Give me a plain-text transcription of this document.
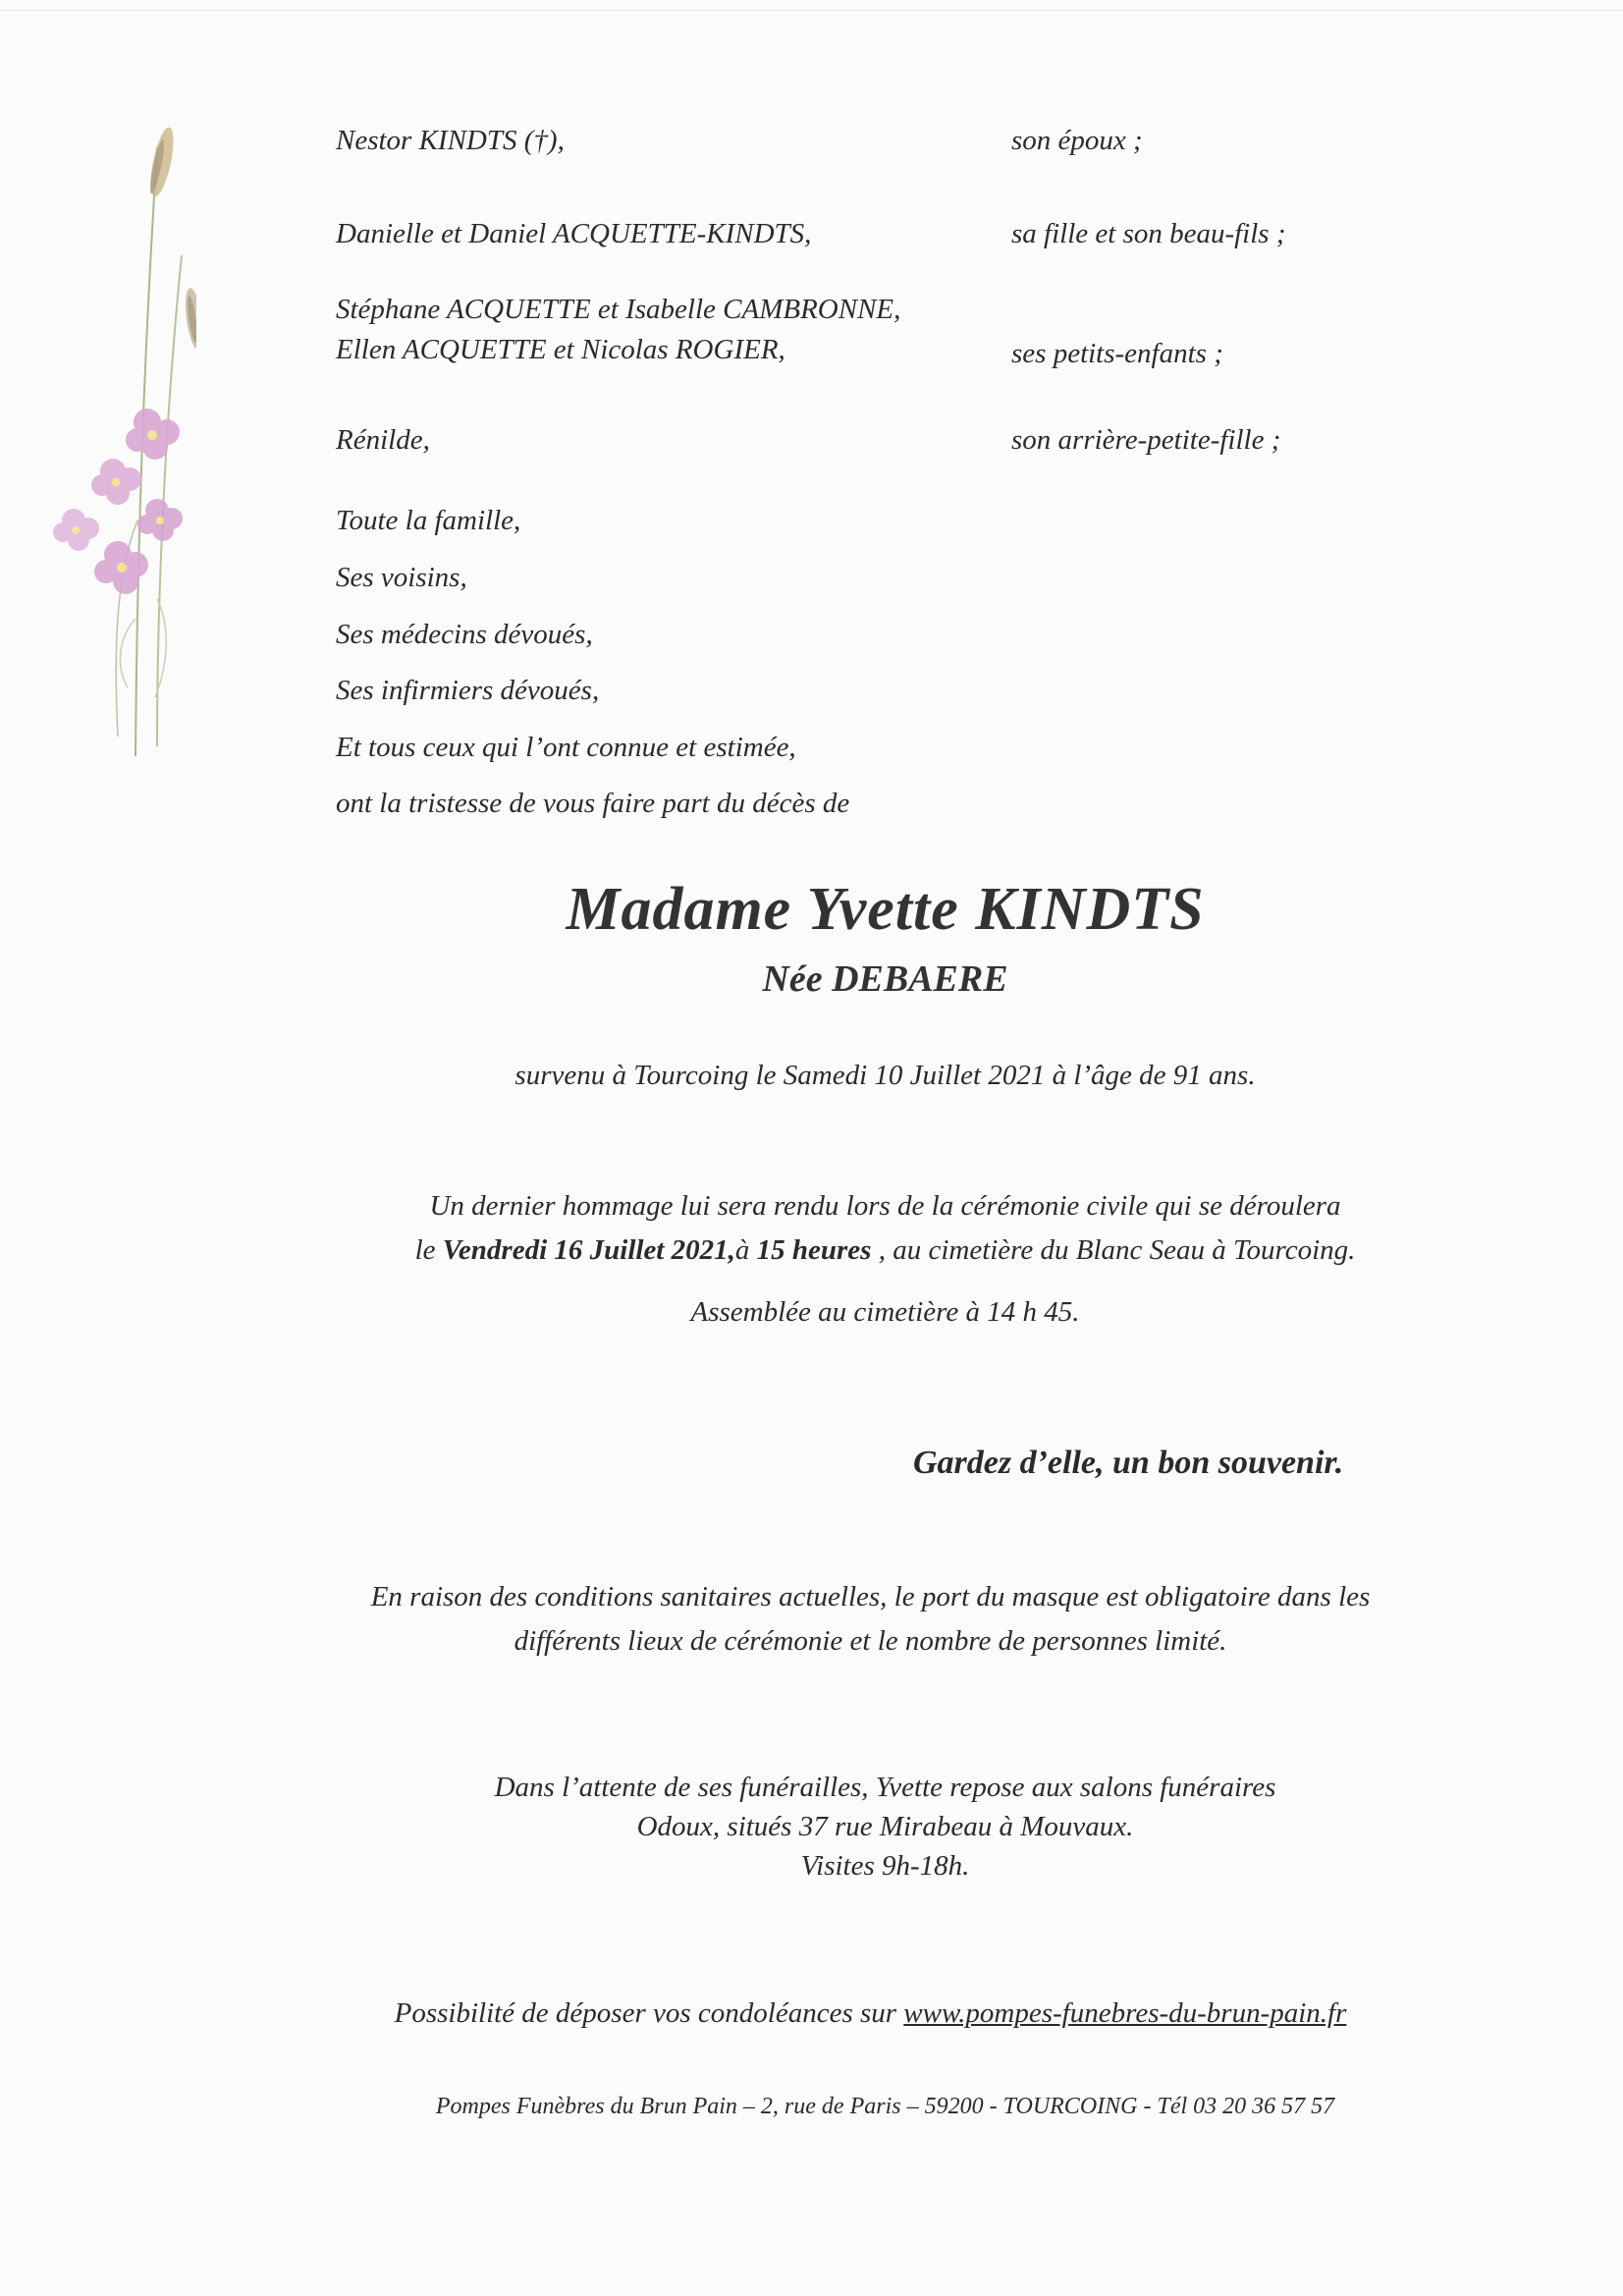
Nestor KINDTS (†),	son époux ;
Danielle et Daniel ACQUETTE-KINDTS,	sa fille et son beau-fils ;
Stéphane ACQUETTE et Isabelle CAMBRONNE,
Ellen ACQUETTE et Nicolas ROGIER,	ses petits-enfants ;
Rénilde,	son arrière-petite-fille ;
Toute la famille,
Ses voisins,
Ses médecins dévoués,
Ses infirmiers dévoués,
Et tous ceux qui l’ont connue et estimée,
ont la tristesse de vous faire part du décès de
Madame Yvette KINDTS
Née DEBAERE
survenu à Tourcoing le Samedi 10 Juillet 2021 à l’âge de 91 ans.
Un dernier hommage lui sera rendu lors de la cérémonie civile qui se déroulera
le Vendredi 16 Juillet 2021,à 15 heures , au cimetière du Blanc Seau à Tourcoing.
Assemblée au cimetière à 14 h 45.
Gardez d’elle, un bon souvenir.
En raison des conditions sanitaires actuelles, le port du masque est obligatoire dans les
différents lieux de cérémonie et le nombre de personnes limité.
Dans l’attente de ses funérailles, Yvette repose aux salons funéraires
Odoux, situés 37 rue Mirabeau à Mouvaux.
Visites 9h-18h.
Possibilité de déposer vos condoléances sur www.pompes-funebres-du-brun-pain.fr
Pompes Funèbres du Brun Pain – 2, rue de Paris – 59200 - TOURCOING - Tél 03 20 36 57 57
